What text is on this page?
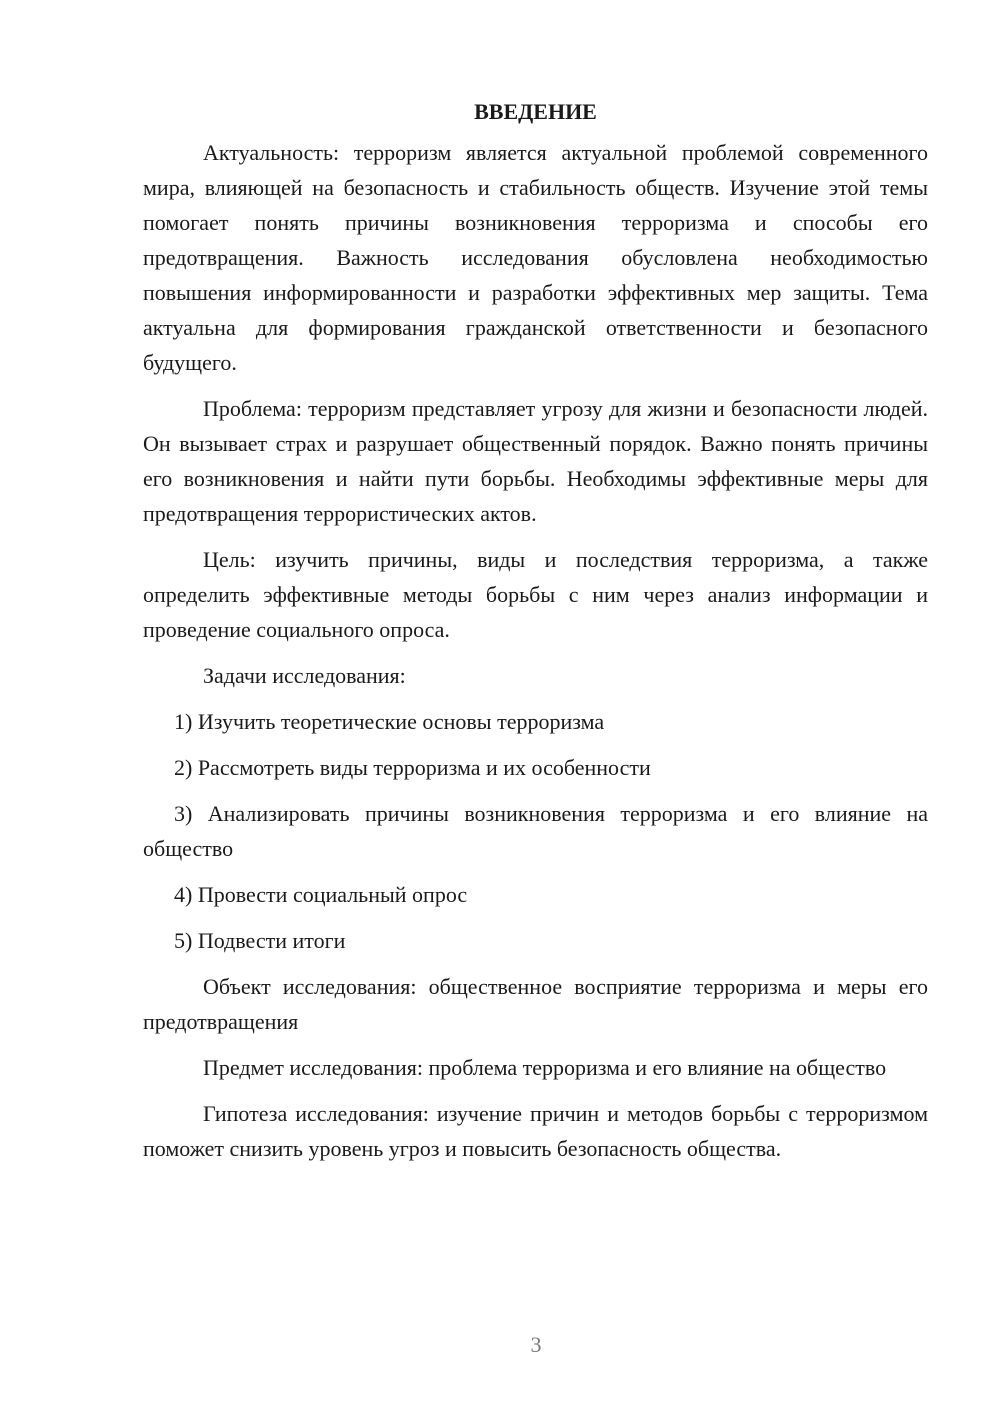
ВВЕДЕНИЕ

Актуальность: терроризм является актуальной проблемой современного мира, влияющей на безопасность и стабильность обществ. Изучение этой темы помогает понять причины возникновения терроризма и способы его предотвращения. Важность исследования обусловлена необходимостью повышения информированности и разработки эффективных мер защиты. Тема актуальна для формирования гражданской ответственности и безопасного будущего.

Проблема: терроризм представляет угрозу для жизни и безопасности людей. Он вызывает страх и разрушает общественный порядок. Важно понять причины его возникновения и найти пути борьбы. Необходимы эффективные меры для предотвращения террористических актов.

Цель: изучить причины, виды и последствия терроризма, а также определить эффективные методы борьбы с ним через анализ информации и проведение социального опроса.

Задачи исследования:

1) Изучить теоретические основы терроризма

2) Рассмотреть виды терроризма и их особенности

3) Анализировать причины возникновения терроризма и его влияние на общество

4) Провести социальный опрос

5) Подвести итоги

Объект исследования: общественное восприятие терроризма и меры его предотвращения

Предмет исследования: проблема терроризма и его влияние на общество

Гипотеза исследования: изучение причин и методов борьбы с терроризмом поможет снизить уровень угроз и повысить безопасность общества.

3
